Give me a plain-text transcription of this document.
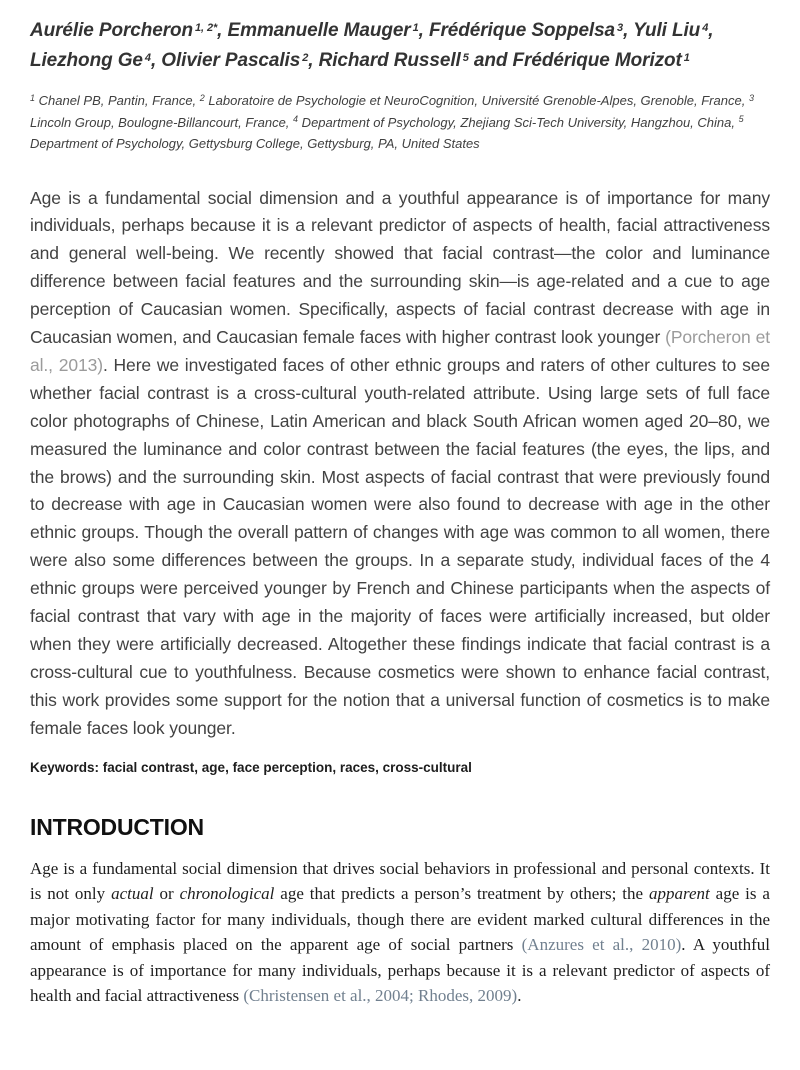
Aurélie Porcheron $^{1, 2*}$, Emmanuelle Mauger $^1$, Frédérique Soppelsa $^3$, Yuli Liu $^4$,
Liezhong Ge $^4$, Olivier Pascalis $^2$, Richard Russell $^5$ and Frédérique Morizot $^1$
$^1$ Chanel PB, Pantin, France, $^2$ Laboratoire de Psychologie et NeuroCognition, Université Grenoble-Alpes, Grenoble, France, $^3$ Lincoln Group, Boulogne-Billancourt, France, $^4$ Department of Psychology, Zhejiang Sci-Tech University, Hangzhou, China, $^5$ Department of Psychology, Gettysburg College, Gettysburg, PA, United States

Age is a fundamental social dimension and a youthful appearance is of importance for many individuals, perhaps because it is a relevant predictor of aspects of health, facial attractiveness and general well-being. We recently showed that facial contrast—the color and luminance difference between facial features and the surrounding skin—is age-related and a cue to age perception of Caucasian women. Specifically, aspects of facial contrast decrease with age in Caucasian women, and Caucasian female faces with higher contrast look younger (Porcheron et al., 2013). Here we investigated faces of other ethnic groups and raters of other cultures to see whether facial contrast is a cross-cultural youth-related attribute. Using large sets of full face color photographs of Chinese, Latin American and black South African women aged 20–80, we measured the luminance and color contrast between the facial features (the eyes, the lips, and the brows) and the surrounding skin. Most aspects of facial contrast that were previously found to decrease with age in Caucasian women were also found to decrease with age in the other ethnic groups. Though the overall pattern of changes with age was common to all women, there were also some differences between the groups. In a separate study, individual faces of the 4 ethnic groups were perceived younger by French and Chinese participants when the aspects of facial contrast that vary with age in the majority of faces were artificially increased, but older when they were artificially decreased. Altogether these findings indicate that facial contrast is a cross-cultural cue to youthfulness. Because cosmetics were shown to enhance facial contrast, this work provides some support for the notion that a universal function of cosmetics is to make female faces look younger.

Keywords: facial contrast, age, face perception, races, cross-cultural

INTRODUCTION

Age is a fundamental social dimension that drives social behaviors in professional and personal contexts. It is not only actual or chronological age that predicts a person’s treatment by others; the apparent age is a major motivating factor for many individuals, though there are evident marked cultural differences in the amount of emphasis placed on the apparent age of social partners (Anzures et al., 2010). A youthful appearance is of importance for many individuals, perhaps because it is a relevant predictor of aspects of health and facial attractiveness (Christensen et al., 2004; Rhodes, 2009).
